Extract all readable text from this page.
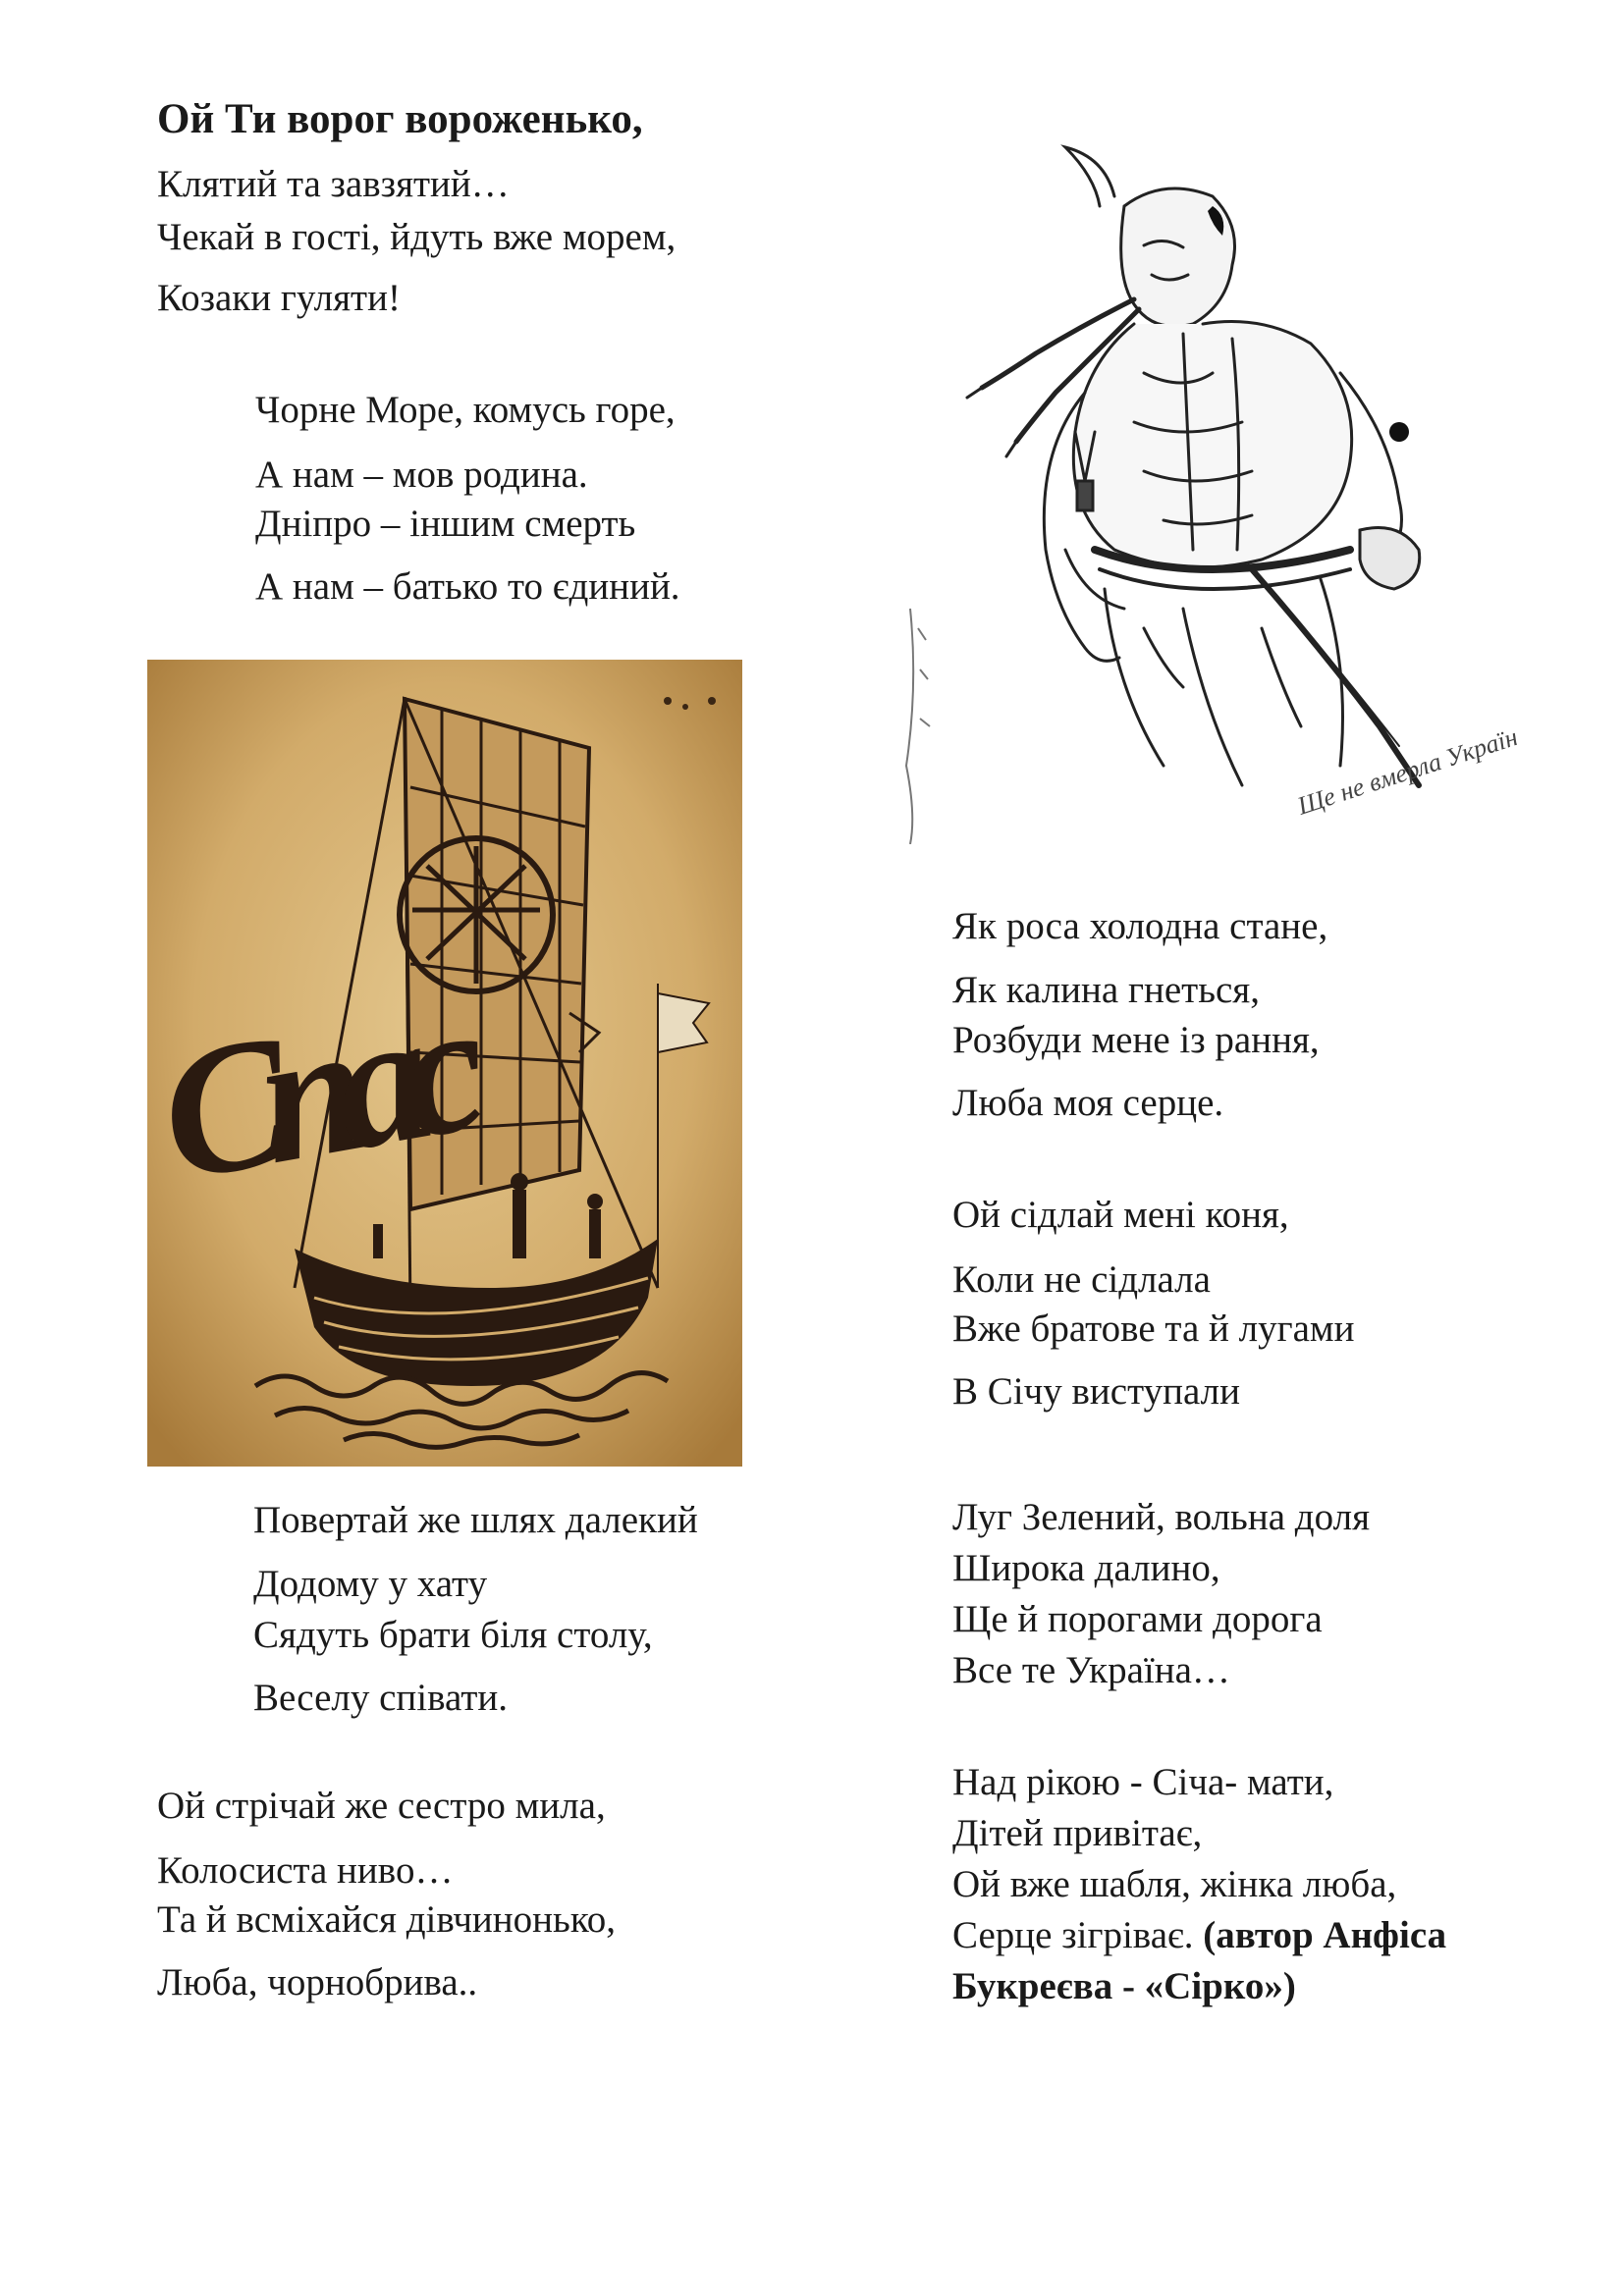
Ой Ти ворог вороженько,
Клятий та завзятий…
Чекай в гості, йдуть вже морем,
Козаки гуляти!
Чорне Море, комусь горе,
А нам – мов родина.
Дніпро – іншим смерть
А нам – батько то єдиний.
Спас
Повертай же шлях далекий
Додому у хату
Сядуть брати біля столу,
Веселу співати.
Ой стрічай же сестро мила,
Колосиста ниво…
Та й всміхайся дівчинонько,
Люба, чорнобрива..
Ще не вмерла Україна
Як роса холодна стане,
Як калина гнеться,
Розбуди мене із рання,
Люба моя серце.
Ой сідлай мені коня,
Коли не сідлала
Вже братове та й лугами
В Січу виступали
Луг Зелений, вольна доля
Широка далино,
Ще й порогами дорога
Все те Україна…
Над рікою - Січа- мати,
Дітей привітає,
Ой вже шабля, жінка люба,
Серце зігріває. (автор Анфіса
Букреєва - «Сірко»)
